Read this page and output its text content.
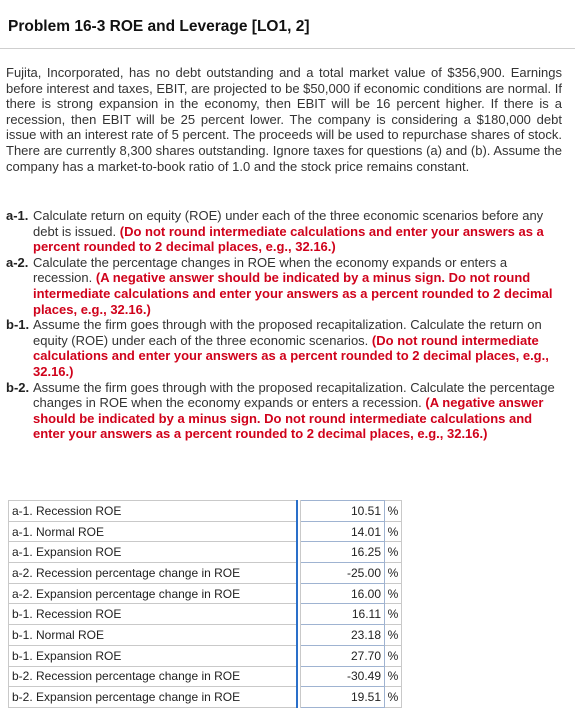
Problem 16-3 ROE and Leverage [LO1, 2]

Fujita, Incorporated, has no debt outstanding and a total market value of $356,900. Earnings before interest and taxes, EBIT, are projected to be $50,000 if economic conditions are normal. If there is strong expansion in the economy, then EBIT will be 16 percent higher. If there is a recession, then EBIT will be 25 percent lower. The company is considering a $180,000 debt issue with an interest rate of 5 percent. The proceeds will be used to repurchase shares of stock. There are currently 8,300 shares outstanding. Ignore taxes for questions (a) and (b). Assume the company has a market-to-book ratio of 1.0 and the stock price remains constant.

a-1. Calculate return on equity (ROE) under each of the three economic scenarios before any debt is issued. (Do not round intermediate calculations and enter your answers as a percent rounded to 2 decimal places, e.g., 32.16.)
a-2. Calculate the percentage changes in ROE when the economy expands or enters a recession. (A negative answer should be indicated by a minus sign. Do not round intermediate calculations and enter your answers as a percent rounded to 2 decimal places, e.g., 32.16.)
b-1. Assume the firm goes through with the proposed recapitalization. Calculate the return on equity (ROE) under each of the three economic scenarios. (Do not round intermediate calculations and enter your answers as a percent rounded to 2 decimal places, e.g., 32.16.)
b-2. Assume the firm goes through with the proposed recapitalization. Calculate the percentage changes in ROE when the economy expands or enters a recession. (A negative answer should be indicated by a minus sign. Do not round intermediate calculations and enter your answers as a percent rounded to 2 decimal places, e.g., 32.16.)
a-1. Recession ROE		10.51	%
a-1. Normal ROE		14.01	%
a-1. Expansion ROE		16.25	%
a-2. Recession percentage change in ROE		-25.00	%
a-2. Expansion percentage change in ROE		16.00	%
b-1. Recession ROE		16.11	%
b-1. Normal ROE		23.18	%
b-1. Expansion ROE		27.70	%
b-2. Recession percentage change in ROE		-30.49	%
b-2. Expansion percentage change in ROE		19.51	%
